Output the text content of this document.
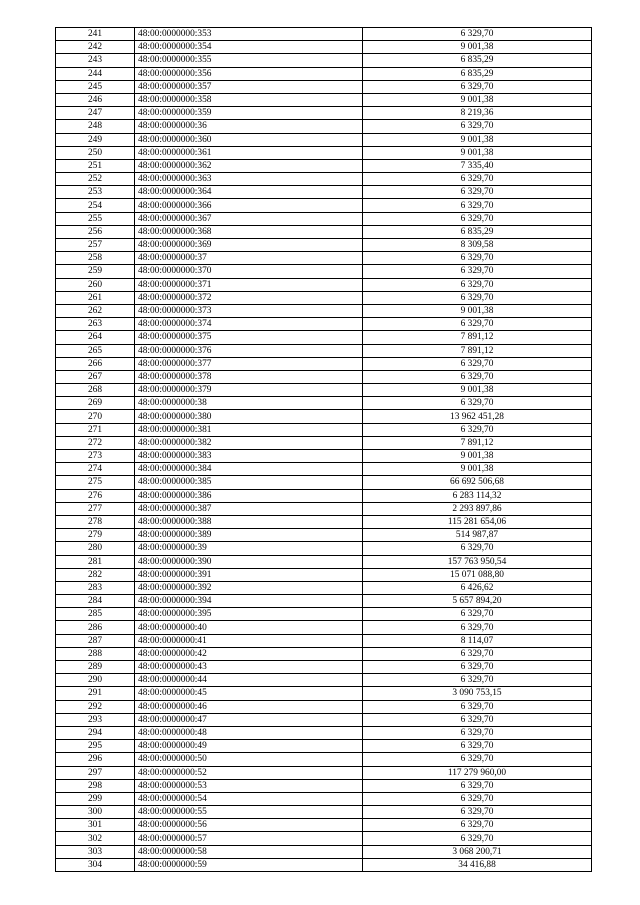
241	48:00:0000000:353	6 329,70
242	48:00:0000000:354	9 001,38
243	48:00:0000000:355	6 835,29
244	48:00:0000000:356	6 835,29
245	48:00:0000000:357	6 329,70
246	48:00:0000000:358	9 001,38
247	48:00:0000000:359	8 219,36
248	48:00:0000000:36	6 329,70
249	48:00:0000000:360	9 001,38
250	48:00:0000000:361	9 001,38
251	48:00:0000000:362	7 335,40
252	48:00:0000000:363	6 329,70
253	48:00:0000000:364	6 329,70
254	48:00:0000000:366	6 329,70
255	48:00:0000000:367	6 329,70
256	48:00:0000000:368	6 835,29
257	48:00:0000000:369	8 309,58
258	48:00:0000000:37	6 329,70
259	48:00:0000000:370	6 329,70
260	48:00:0000000:371	6 329,70
261	48:00:0000000:372	6 329,70
262	48:00:0000000:373	9 001,38
263	48:00:0000000:374	6 329,70
264	48:00:0000000:375	7 891,12
265	48:00:0000000:376	7 891,12
266	48:00:0000000:377	6 329,70
267	48:00:0000000:378	6 329,70
268	48:00:0000000:379	9 001,38
269	48:00:0000000:38	6 329,70
270	48:00:0000000:380	13 962 451,28
271	48:00:0000000:381	6 329,70
272	48:00:0000000:382	7 891,12
273	48:00:0000000:383	9 001,38
274	48:00:0000000:384	9 001,38
275	48:00:0000000:385	66 692 506,68
276	48:00:0000000:386	6 283 114,32
277	48:00:0000000:387	2 293 897,86
278	48:00:0000000:388	115 281 654,06
279	48:00:0000000:389	514 987,87
280	48:00:0000000:39	6 329,70
281	48:00:0000000:390	157 763 950,54
282	48:00:0000000:391	15 071 088,80
283	48:00:0000000:392	6 426,62
284	48:00:0000000:394	5 657 894,20
285	48:00:0000000:395	6 329,70
286	48:00:0000000:40	6 329,70
287	48:00:0000000:41	8 114,07
288	48:00:0000000:42	6 329,70
289	48:00:0000000:43	6 329,70
290	48:00:0000000:44	6 329,70
291	48:00:0000000:45	3 090 753,15
292	48:00:0000000:46	6 329,70
293	48:00:0000000:47	6 329,70
294	48:00:0000000:48	6 329,70
295	48:00:0000000:49	6 329,70
296	48:00:0000000:50	6 329,70
297	48:00:0000000:52	117 279 960,00
298	48:00:0000000:53	6 329,70
299	48:00:0000000:54	6 329,70
300	48:00:0000000:55	6 329,70
301	48:00:0000000:56	6 329,70
302	48:00:0000000:57	6 329,70
303	48:00:0000000:58	3 068 200,71
304	48:00:0000000:59	34 416,88
